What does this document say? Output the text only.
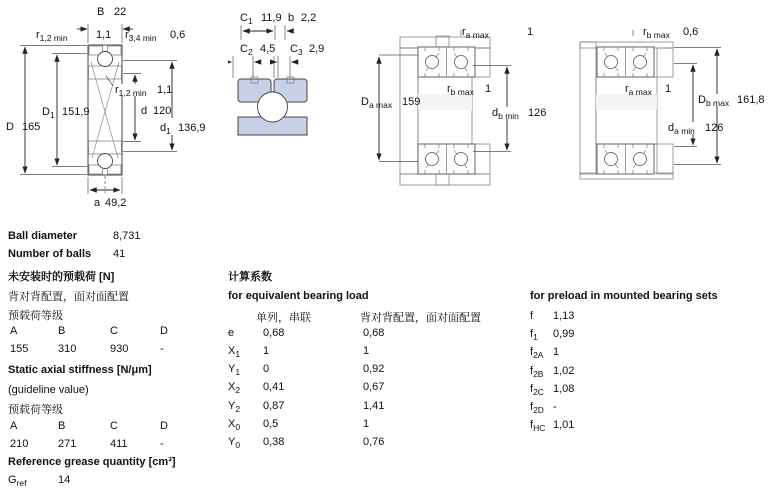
B 22
$r_{1,2 min}$	1,1 $r_{3,4 min}$ 0,6
$D_1$ 151,9
D 165
$r_{1,2 min}$ 1,1
d 120
$d_1$ 136,9
a 49,2
$C_1$ 11,9 b 2,2
$C_2$ 4,5 $C_3$ 2,9
$r_{a max}$	1
$D_{a max}$ 159
$r_{b max}$ 1
$d_{b min}$ 126
$r_{b max}$ 0,6
$r_{a max}$ 1
$D_{b max}$ 161,8
$d_{a min}$ 126
Ball diameter	8,731
Number of balls 41
未安装时的预载荷 [N]
背对背配置，面对面配置
预载荷等级
A	B	C	D
155	310	930	-
Static axial stiffness [N/μm]
(guideline value)
预载荷等级
A	B	C	D
210	271	411	-
Reference grease quantity [cm³]
$G_{ref}$	14
计算系数
for equivalent bearing load
单列，串联	背对背配置，面对面配置
e	0,68	0,68
$X_1$ 1	1
$Y_1$ 0	0,92
$X_2$ 0,41	0,67
$Y_2$ 0,87	1,41
$X_0$ 0,5	1
$Y_0$ 0,38	0,76
for preload in mounted bearing sets
f 1,13
$f_1$ 0,99
$f_{2A}$ 1
$f_{2B}$ 1,02
$f_{2C}$ 1,08
$f_{2D}$ -
$f_{HC}$ 1,01
